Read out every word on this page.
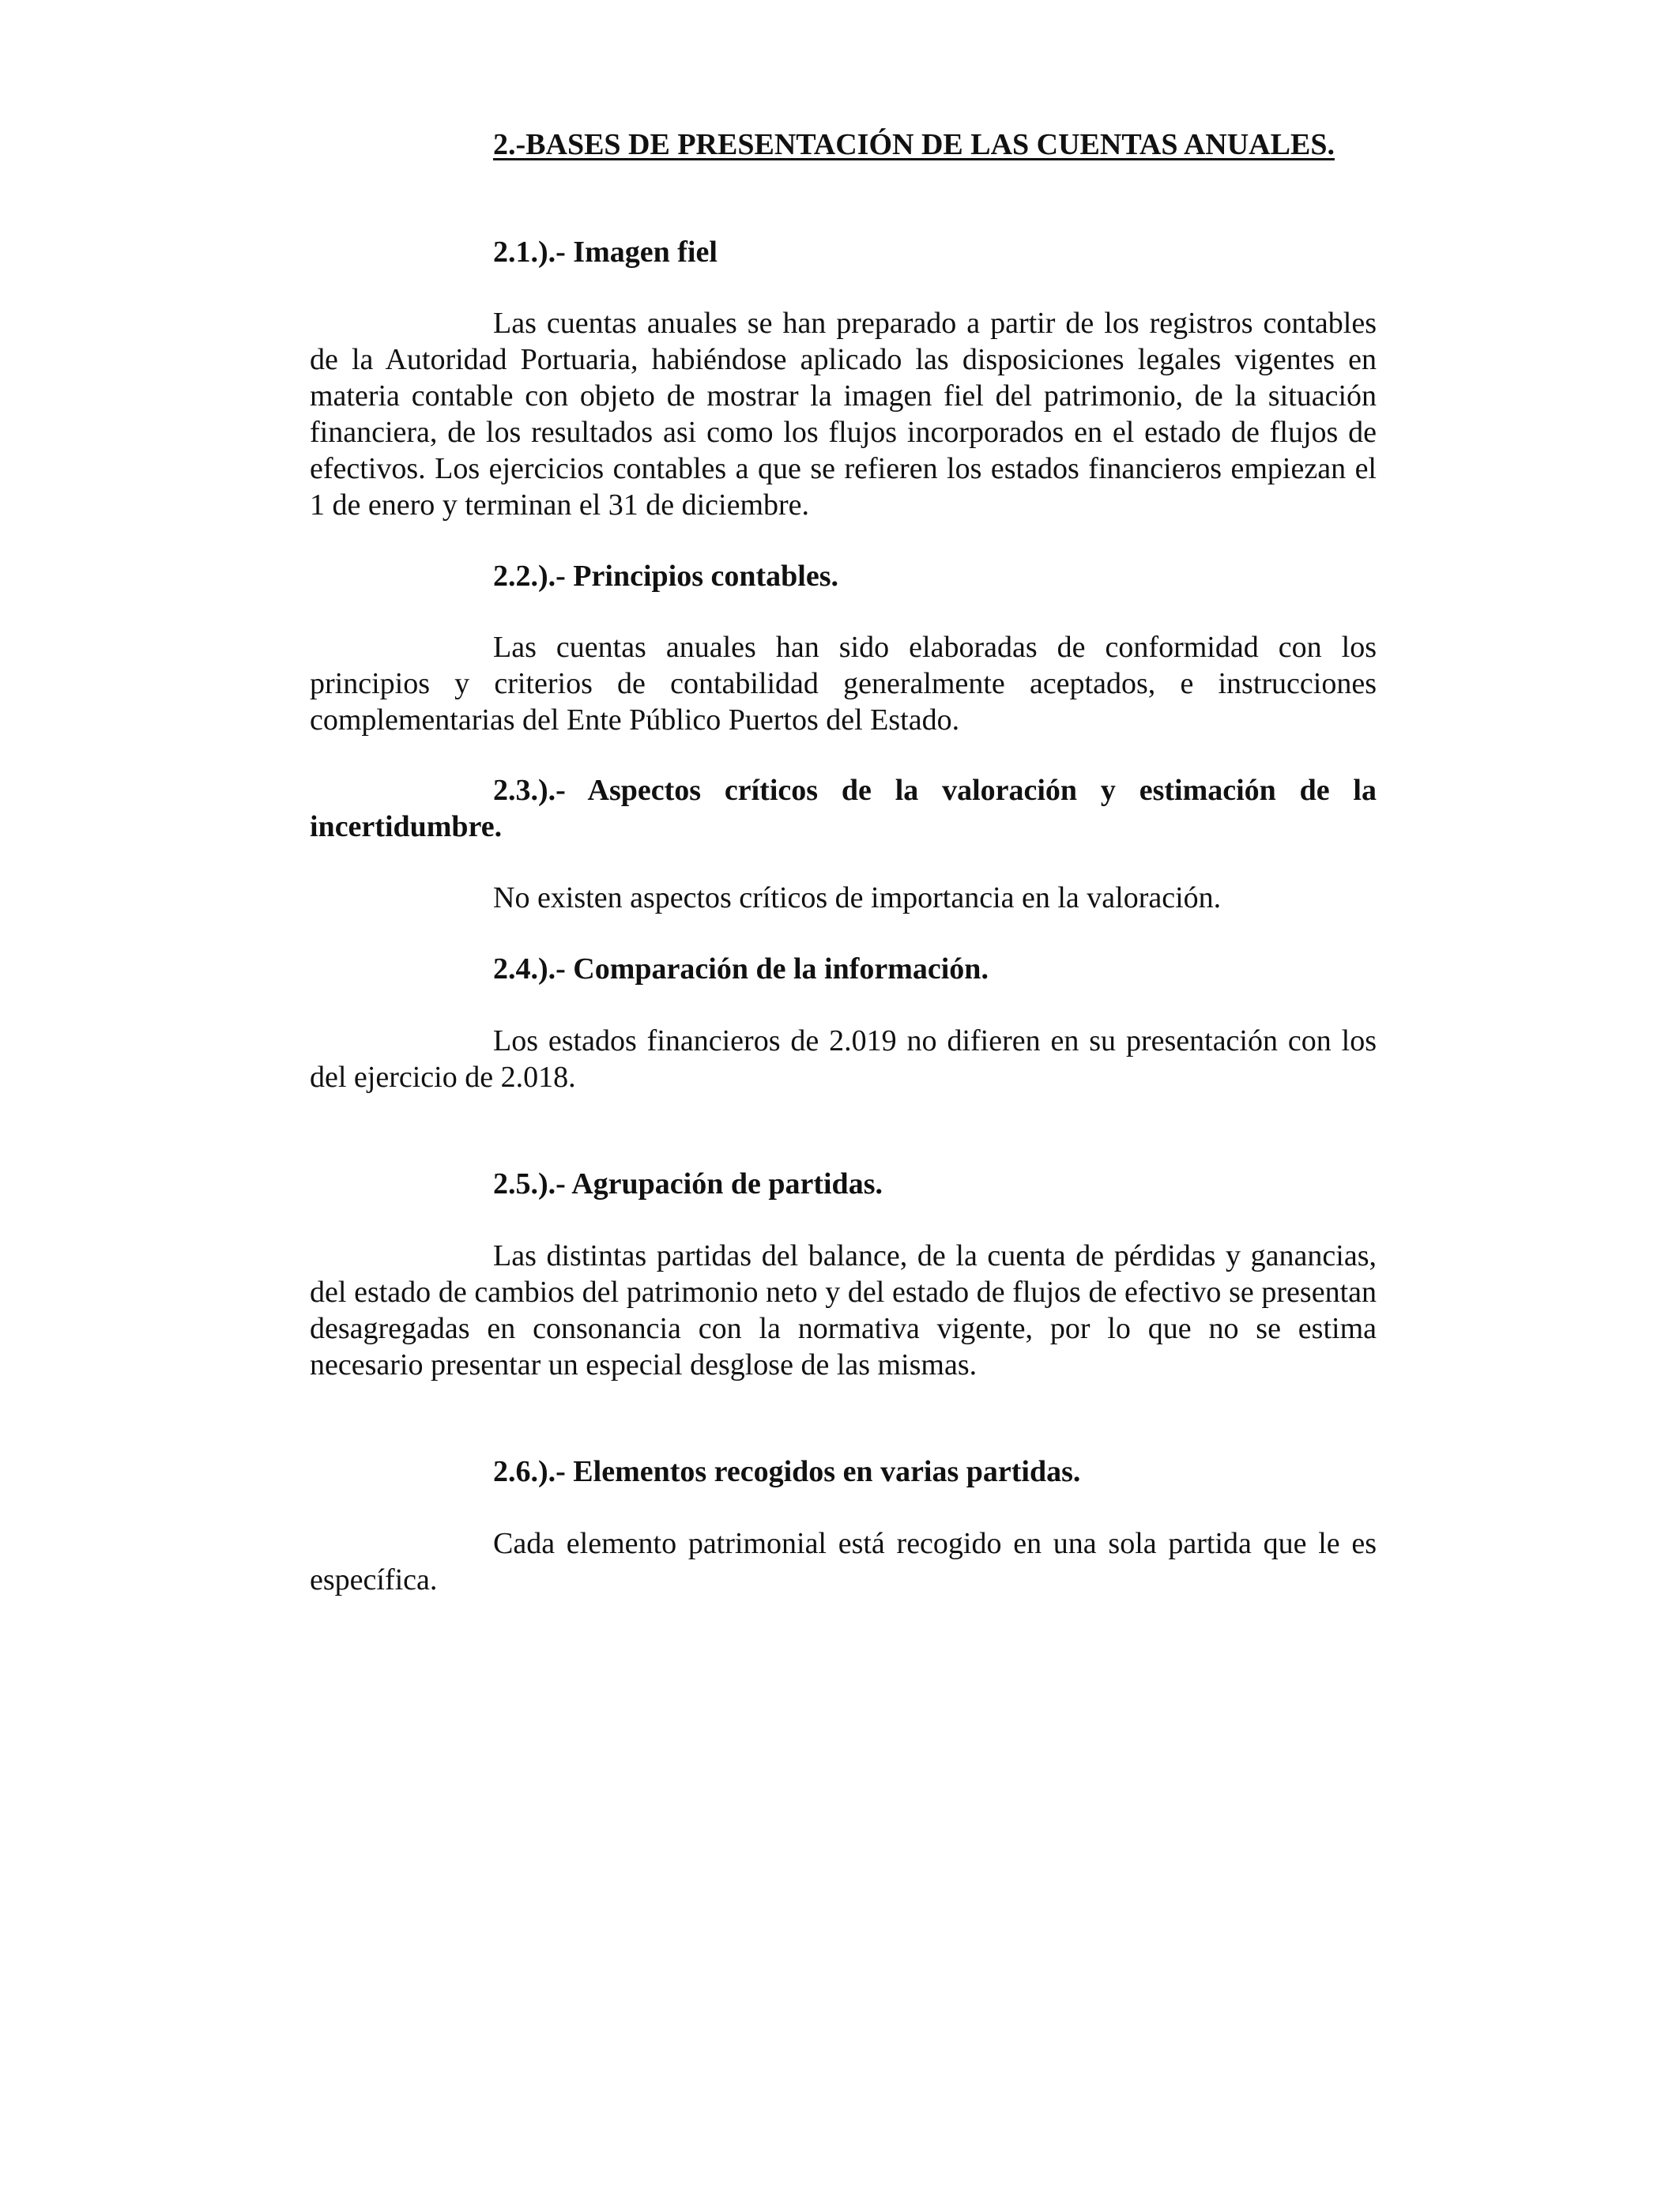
2.-BASES DE PRESENTACIÓN DE LAS CUENTAS ANUALES.
2.1.).- Imagen fiel

Las cuentas anuales se han preparado a partir de los registros contables de la Autoridad Portuaria, habiéndose aplicado las disposiciones legales vigentes en materia contable con objeto de mostrar la imagen fiel del patrimonio, de la situación financiera, de los resultados asi como los flujos incorporados en el estado de flujos de efectivos. Los ejercicios contables a que se refieren los estados financieros empiezan el 1 de enero y terminan el 31 de diciembre.

2.2.).- Principios contables.

Las cuentas anuales han sido elaboradas de conformidad con los principios y criterios de contabilidad generalmente aceptados, e instrucciones complementarias del Ente Público Puertos del Estado.

2.3.).- Aspectos críticos de la valoración y estimación de la incertidumbre.

No existen aspectos críticos de importancia en la valoración.

2.4.).- Comparación de la información.

Los estados financieros de 2.019 no difieren en su presentación con los del ejercicio de 2.018.

2.5.).- Agrupación de partidas.

Las distintas partidas del balance, de la cuenta de pérdidas y ganancias, del estado de cambios del patrimonio neto y del estado de flujos de efectivo se presentan desagregadas en consonancia con la normativa vigente, por lo que no se estima necesario presentar un especial desglose de las mismas.

2.6.).- Elementos recogidos en varias partidas.

Cada elemento patrimonial está recogido en una sola partida que le es específica.
